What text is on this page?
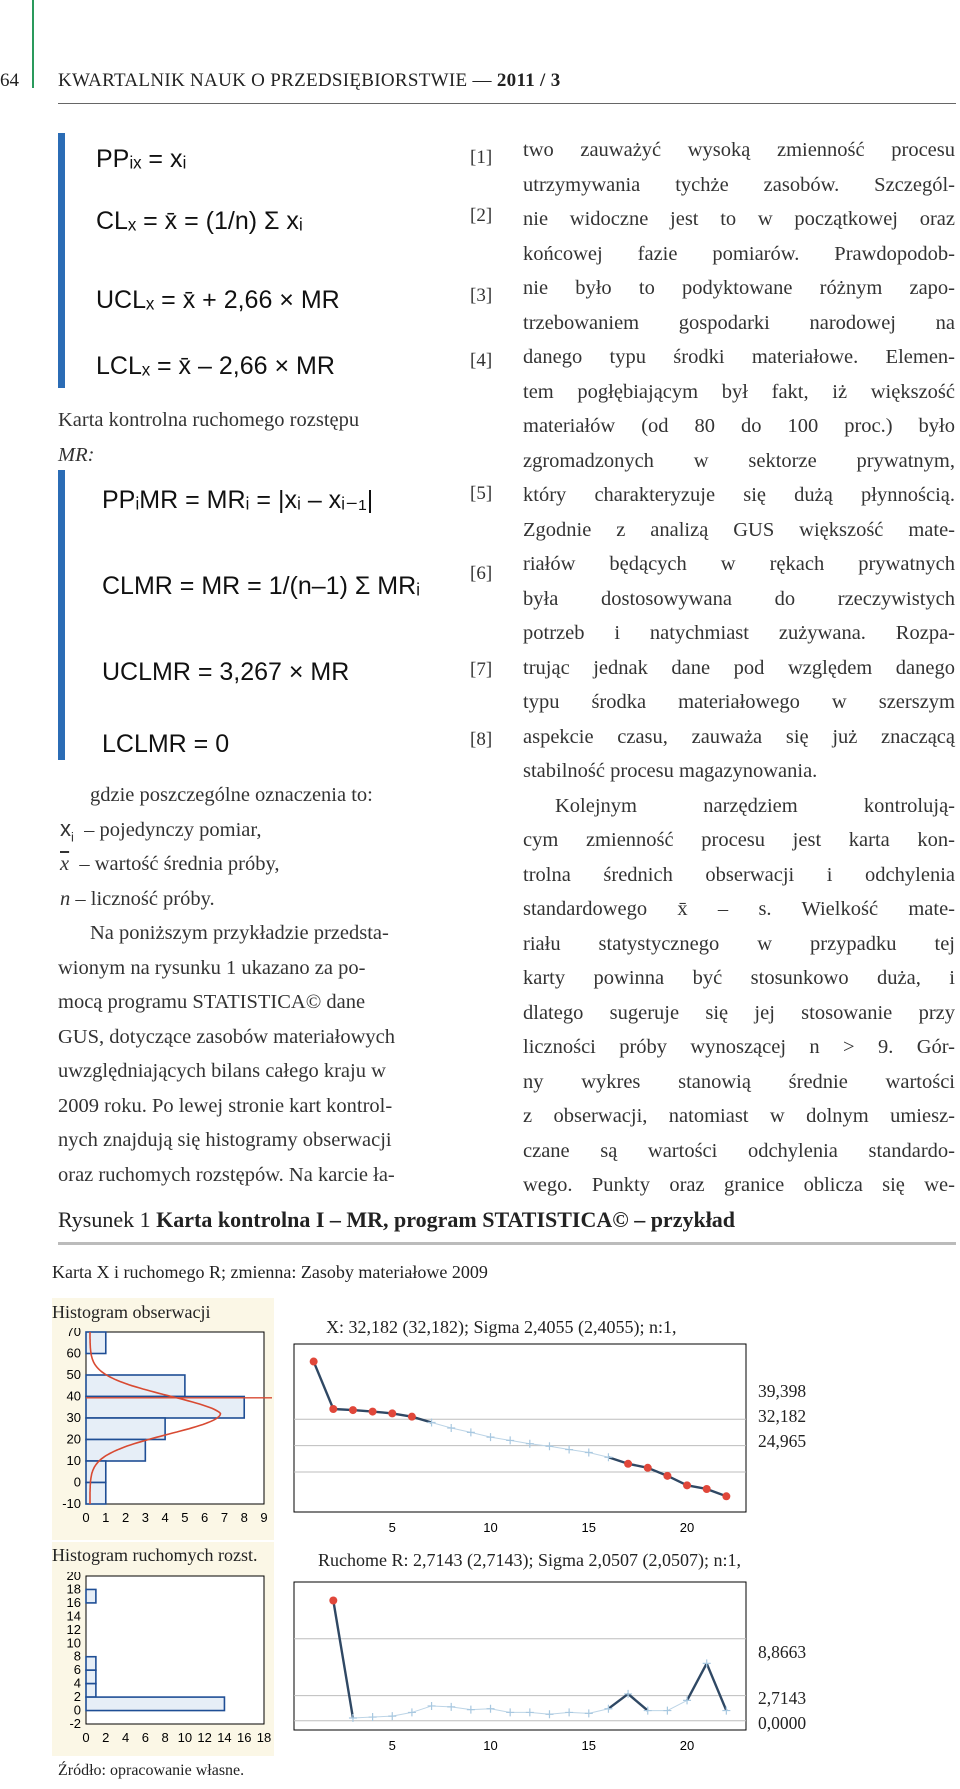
64 KWARTALNIK NAUK O PRZEDSIĘBIORSTWIE — 2011 / 3
PPᵢₓ = xᵢ	[1]
CLₓ = x̄ = (1/n) Σ xᵢ	[2]
UCLₓ = x̄ + 2,66 × MR	[3]
LCLₓ = x̄ – 2,66 × MR	[4]
Karta kontrolna ruchomego rozstępu
MR:
PPᵢMR = MRᵢ = |xᵢ – xᵢ₋₁|	[5]
CLMR = MR = 1/(n–1) Σ MRᵢ	[6]
UCLMR = 3,267 × MR	[7]
LCLMR = 0	[8]
gdzie poszczególne oznaczenia to:
$x_i$ – pojedynczy pomiar,
$\overline{x}$ – wartość średnia próby,
n – liczność próby.
Na poniższym przykładzie przedsta-
wionym na rysunku 1 ukazano za po-
mocą programu STATISTICA© dane
GUS, dotyczące zasobów materiałowych
uwzględniających bilans całego kraju w
2009 roku. Po lewej stronie kart kontrol-
nych znajdują się histogramy obserwacji
oraz ruchomych rozstępów. Na karcie ła-
two zauważyć wysoką zmienność procesu
utrzymywania tychże zasobów. Szczegól-
nie widoczne jest to w początkowej oraz
końcowej fazie pomiarów. Prawdopodob-
nie było to podyktowane różnym zapo-
trzebowaniem gospodarki narodowej na
danego typu środki materiałowe. Elemen-
tem pogłębiającym był fakt, iż większość
materiałów (od 80 do 100 proc.) było
zgromadzonych w sektorze prywatnym,
który charakteryzuje się dużą płynnością.
Zgodnie z analizą GUS większość mate-
riałów będących w rękach prywatnych
była dostosowywana do rzeczywistych
potrzeb i natychmiast zużywana. Rozpa-
trując jednak dane pod względem danego
typu środka materiałowego w szerszym
aspekcie czasu, zauważa się już znaczącą
stabilność procesu magazynowania.
Kolejnym narzędziem kontrolują-
cym zmienność procesu jest karta kon-
trolna średnich obserwacji i odchylenia
standardowego x̄ – s. Wielkość mate-
riału statystycznego w przypadku tej
karty powinna być stosunkowo duża, i
dlatego sugeruje się jej stosowanie przy
liczności próby wynoszącej n > 9. Gór-
ny wykres stanowią średnie wartości
z obserwacji, natomiast w dolnym umiesz-
czane są wartości odchylenia standardo-
wego. Punkty oraz granice oblicza się we-
Rysunek 1 Karta kontrolna I – MR, program STATISTICA© – przykład
Karta X i ruchomego R; zmienna: Zasoby materiałowe 2009
Histogram obserwacji
X: 32,182 (32,182); Sigma 2,4055 (2,4055); n:1,
Histogram ruchomych rozst.	Ruchome R: 2,7143 (2,7143); Sigma 2,0507 (2,0507); n:1,
70
60
50
40
30
20
10
0
-10
0 1 2 3 4 5 6 7 8 9
5	10	15	20
20
18
16
14
12
10
8
6
4
2
0
-2
0 2 4 6 8 10 12 14 16 18
5	10	15	20
39,398
32,182
24,965
8,8663
2,7143
0,0000
Źródło: opracowanie własne.
